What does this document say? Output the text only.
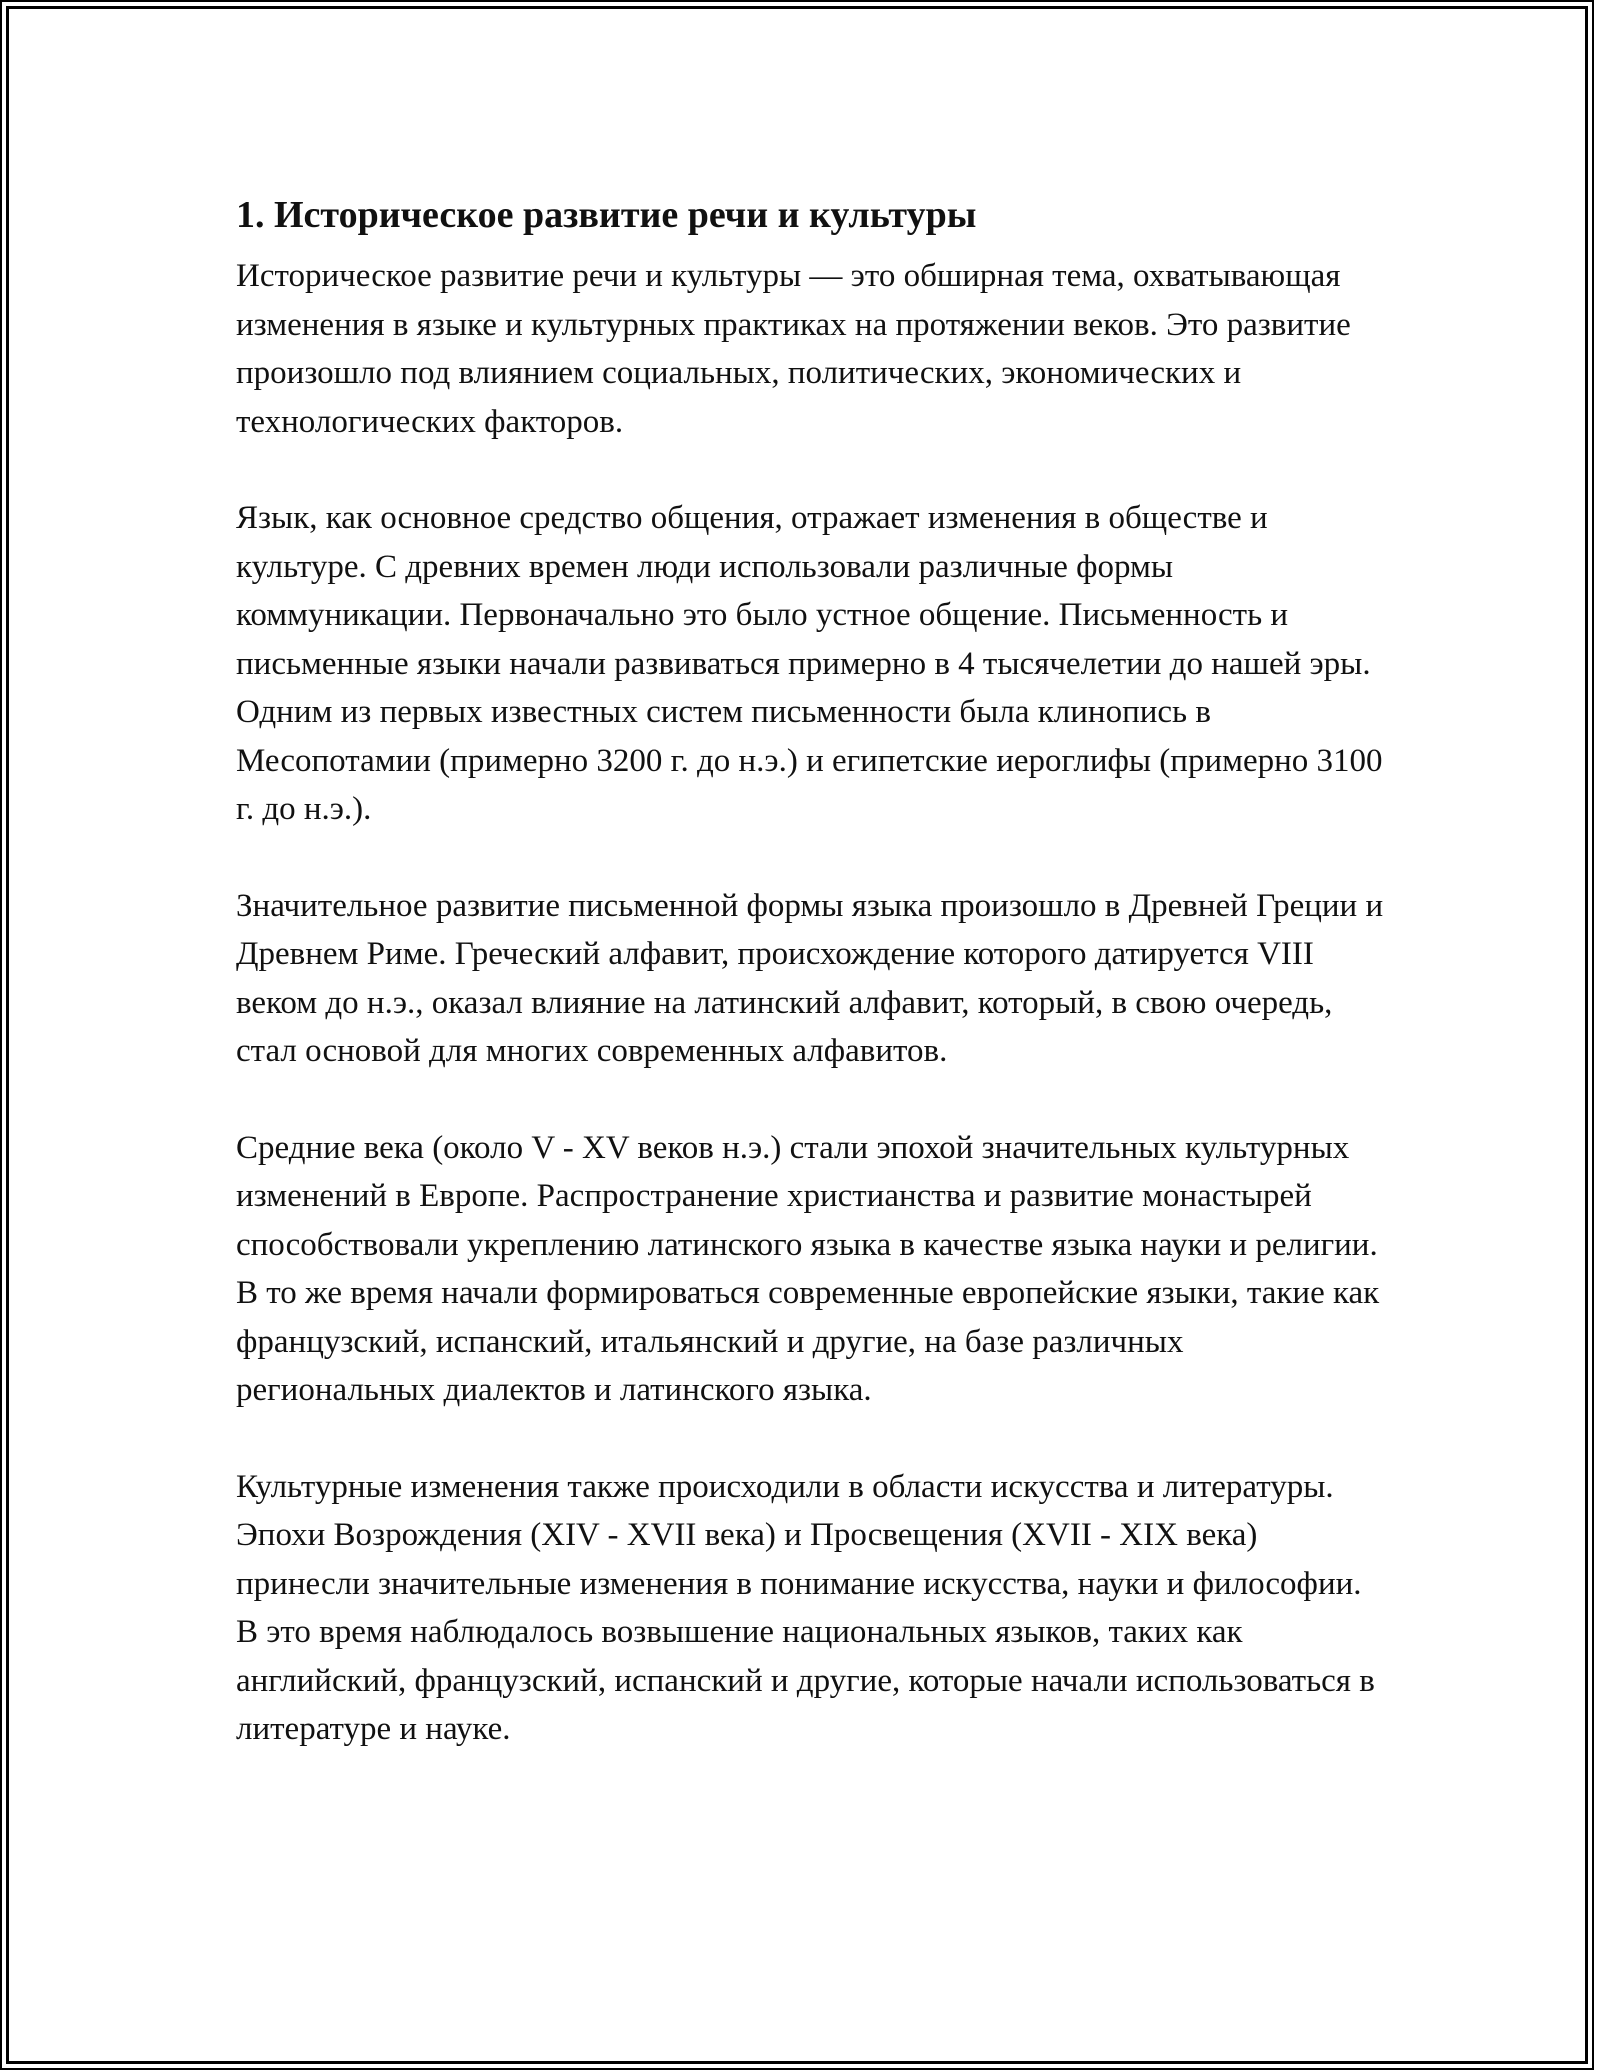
1. Историческое развитие речи и культуры

Историческое развитие речи и культуры — это обширная тема, охватывающая изменения в языке и культурных практиках на протяжении веков. Это развитие произошло под влиянием социальных, политических, экономических и технологических факторов.

Язык, как основное средство общения, отражает изменения в обществе и культуре. С древних времен люди использовали различные формы коммуникации. Первоначально это было устное общение. Письменность и письменные языки начали развиваться примерно в 4 тысячелетии до нашей эры. Одним из первых известных систем письменности была клинопись в Месопотамии (примерно 3200 г. до н.э.) и египетские иероглифы (примерно 3100 г. до н.э.).

Значительное развитие письменной формы языка произошло в Древней Греции и Древнем Риме. Греческий алфавит, происхождение которого датируется VIII веком до н.э., оказал влияние на латинский алфавит, который, в свою очередь, стал основой для многих современных алфавитов.

Средние века (около V - XV веков н.э.) стали эпохой значительных культурных изменений в Европе. Распространение христианства и развитие монастырей способствовали укреплению латинского языка в качестве языка науки и религии. В то же время начали формироваться современные европейские языки, такие как французский, испанский, итальянский и другие, на базе различных региональных диалектов и латинского языка.

Культурные изменения также происходили в области искусства и литературы. Эпохи Возрождения (XIV - XVII века) и Просвещения (XVII - XIX века) принесли значительные изменения в понимание искусства, науки и философии. В это время наблюдалось возвышение национальных языков, таких как английский, французский, испанский и другие, которые начали использоваться в литературе и науке.
